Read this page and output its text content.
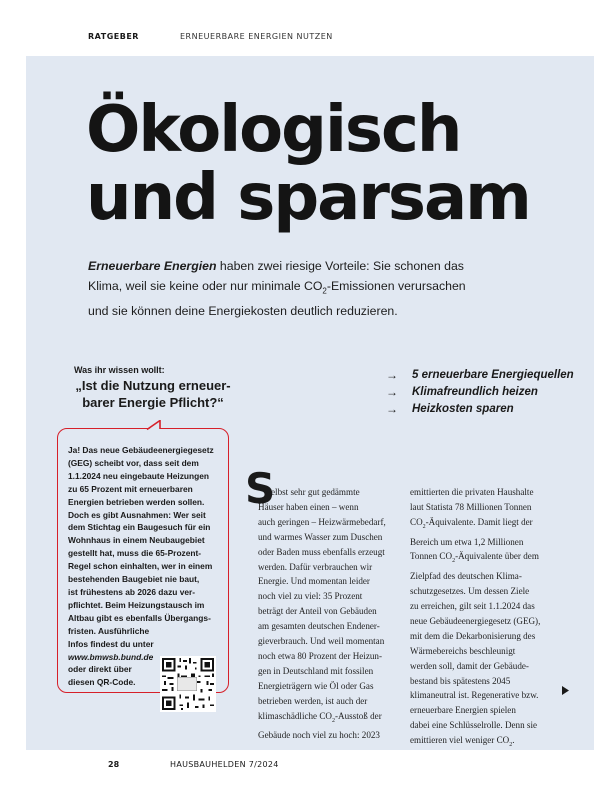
RATGEBER	ERNEUERBARE ENERGIEN NUTZEN
Ökologisch
und sparsam
Erneuerbare Energien haben zwei riesige Vorteile: Sie schonen das
Klima, weil sie keine oder nur minimale $CO_2$-Emissionen verursachen
und sie können deine Energiekosten deutlich reduzieren.
Was ihr wissen wollt:
„Ist die Nutzung erneuer-
barer Energie Pflicht?“
Ja! Das neue Gebäudeenergiegesetz
(GEG) scheibt vor, dass seit dem
1.1.2024 neu eingebaute Heizungen
zu 65 Prozent mit erneuerbaren
Energien betrieben werden sollen.
Doch es gibt Ausnahmen: Wer seit
dem Stichtag ein Baugesuch für ein
Wohnhaus in einem Neubaugebiet
gestellt hat, muss die 65-Prozent-
Regel schon einhalten, wer in einem
bestehenden Baugebiet nie baut,
ist frühestens ab 2026 dazu ver-
pflichtet. Beim Heizungstausch im
Altbau gibt es ebenfalls Übergangs-
fristen. Ausführliche
Infos findest du unter
www.bmwsb.bund.de
oder direkt über
diesen QR-Code.
→	5 erneuerbare Energiequellen
→	Klimafreundlich heizen
→	Heizkosten sparen
S
elbst sehr gut gedämmte
Häuser haben einen – wenn
auch geringen – Heizwärmebedarf,
und warmes Wasser zum Duschen
oder Baden muss ebenfalls erzeugt
werden. Dafür verbrauchen wir
Energie. Und momentan leider
noch viel zu viel: 35 Prozent
beträgt der Anteil von Gebäuden
am gesamten deutschen Endener-
gieverbrauch. Und weil momentan
noch etwa 80 Prozent der Heizun-
gen in Deutschland mit fossilen
Energieträgern wie Öl oder Gas
betrieben werden, ist auch der
klimaschädliche $CO_2$-Ausstoß der
Gebäude noch viel zu hoch: 2023
emittierten die privaten Haushalte
laut Statista 78 Millionen Tonnen
$CO_2$-Äquivalente. Damit liegt der
Bereich um etwa 1,2 Millionen
Tonnen $CO_2$-Äquivalente über dem
Zielpfad des deutschen Klima-
schutzgesetzes. Um dessen Ziele
zu erreichen, gilt seit 1.1.2024 das
neue Gebäudeenergiegesetz (GEG),
mit dem die Dekarbonisierung des
Wärmebereichs beschleunigt
werden soll, damit der Gebäude-
bestand bis spätestens 2045
klimaneutral ist. Regenerative bzw.
erneuerbare Energien spielen
dabei eine Schlüsselrolle. Denn sie
emittieren viel weniger $CO_2$.
28	HAUSBAUHELDEN 7/2024
